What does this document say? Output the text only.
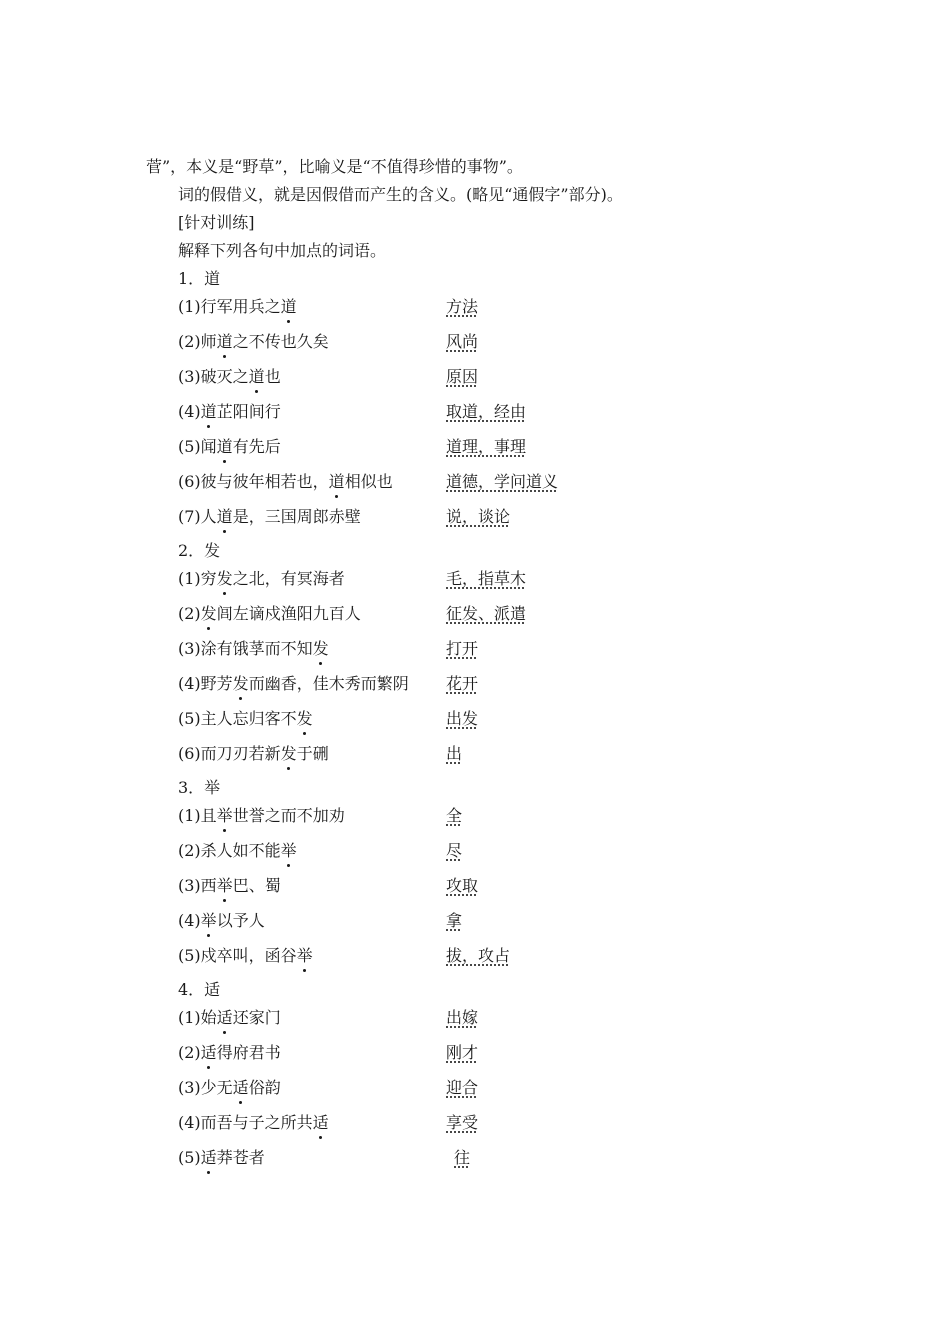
菅”，本义是“野草”，比喻义是“不值得珍惜的事物”。
词的假借义，就是因假借而产生的含义。(略见“通假字”部分)。
[针对训练]
解释下列各句中加点的词语。
1．道
(1)行军用兵之道	方法
(2)师道之不传也久矣	风尚
(3)破灭之道也	原因
(4)道芷阳间行	取道，经由
(5)闻道有先后	道理，事理
(6)彼与彼年相若也，道相似也	道德，学问道义
(7)人道是，三国周郎赤壁	说，谈论
2．发
(1)穷发之北，有冥海者	毛，指草木
(2)发闾左谪戍渔阳九百人	征发、派遣
(3)涂有饿莩而不知发	打开
(4)野芳发而幽香，佳木秀而繁阴 花开
(5)主人忘归客不发	出发
(6)而刀刃若新发于硎	出
3．举
(1)且举世誉之而不加劝	全
(2)杀人如不能举	尽
(3)西举巴、蜀	攻取
(4)举以予人	拿
(5)戍卒叫，函谷举	拔，攻占
4．适
(1)始适还家门	出嫁
(2)适得府君书	刚才
(3)少无适俗韵	迎合
(4)而吾与子之所共适	享受
(5)适莽苍者	往
